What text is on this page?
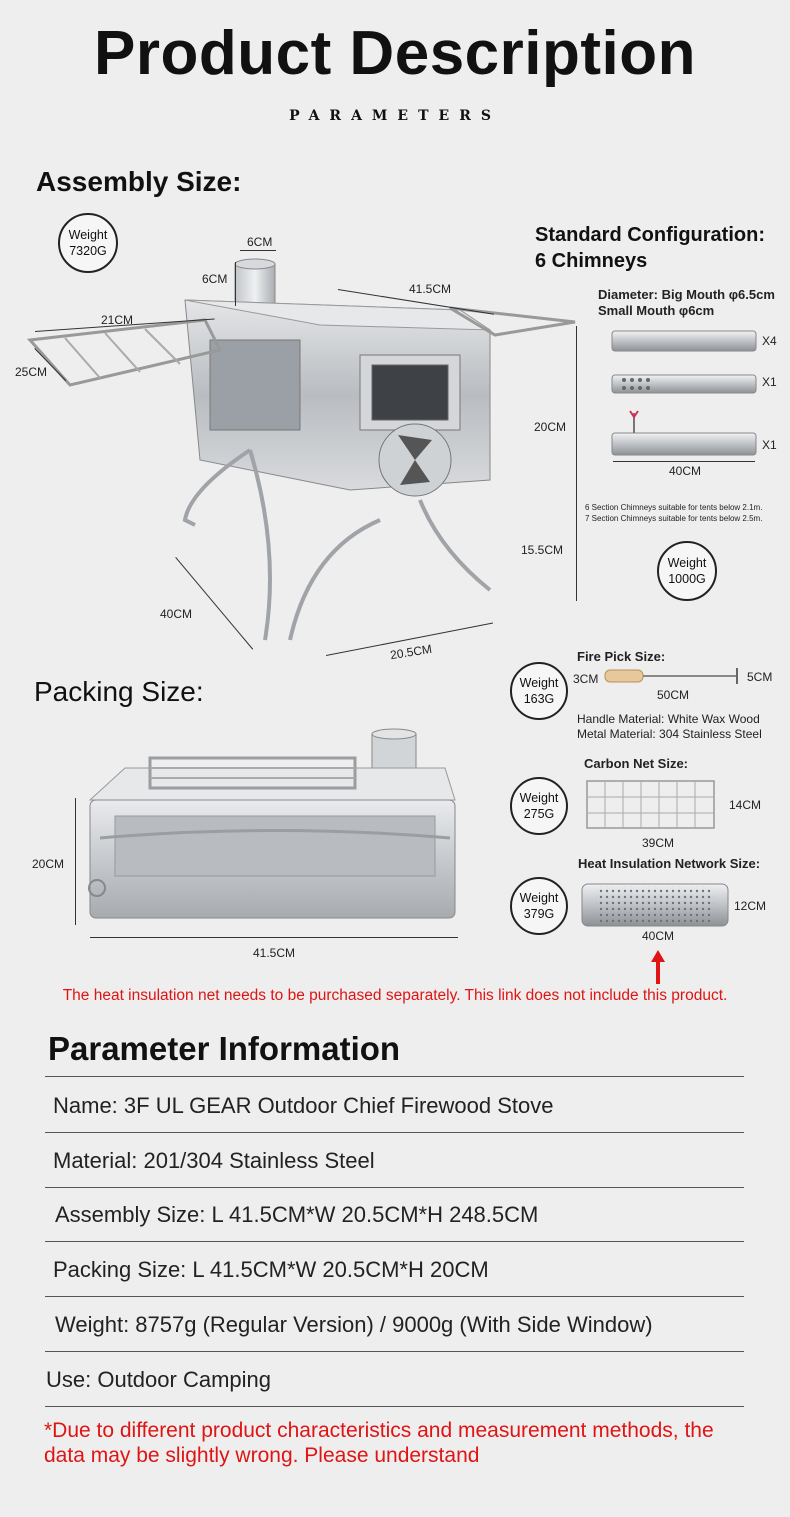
Product Description
PARAMETERS
Assembly Size:
Weight
7320G
6CM
6CM
41.5CM
21CM
25CM
20CM
15.5CM
40CM
20.5CM
Standard Configuration:
6 Chimneys
Diameter: Big Mouth φ6.5cm
Small Mouth φ6cm
X4
X1
X1
40CM
6 Section Chimneys suitable for tents below 2.1m.
7 Section Chimneys suitable for tents below 2.5m.
Weight
1000G
Packing Size:
20CM
41.5CM
Weight
163G
Fire Pick Size:
3CM	5CM
50CM
Handle Material: White Wax Wood
Metal Material: 304 Stainless Steel
Weight
275G
Carbon Net Size:
14CM
39CM
Weight
379G
Heat Insulation Network Size:
12CM
40CM
The heat insulation net needs to be purchased separately. This link does not include this product.
Parameter Information
Name: 3F UL GEAR Outdoor Chief Firewood Stove
Material: 201/304 Stainless Steel
Assembly Size: L 41.5CM*W 20.5CM*H 248.5CM
Packing Size: L 41.5CM*W 20.5CM*H 20CM
Weight: 8757g (Regular Version) / 9000g (With Side Window)
Use: Outdoor Camping
*Due to different product characteristics and measurement methods, the data may be slightly wrong. Please understand
